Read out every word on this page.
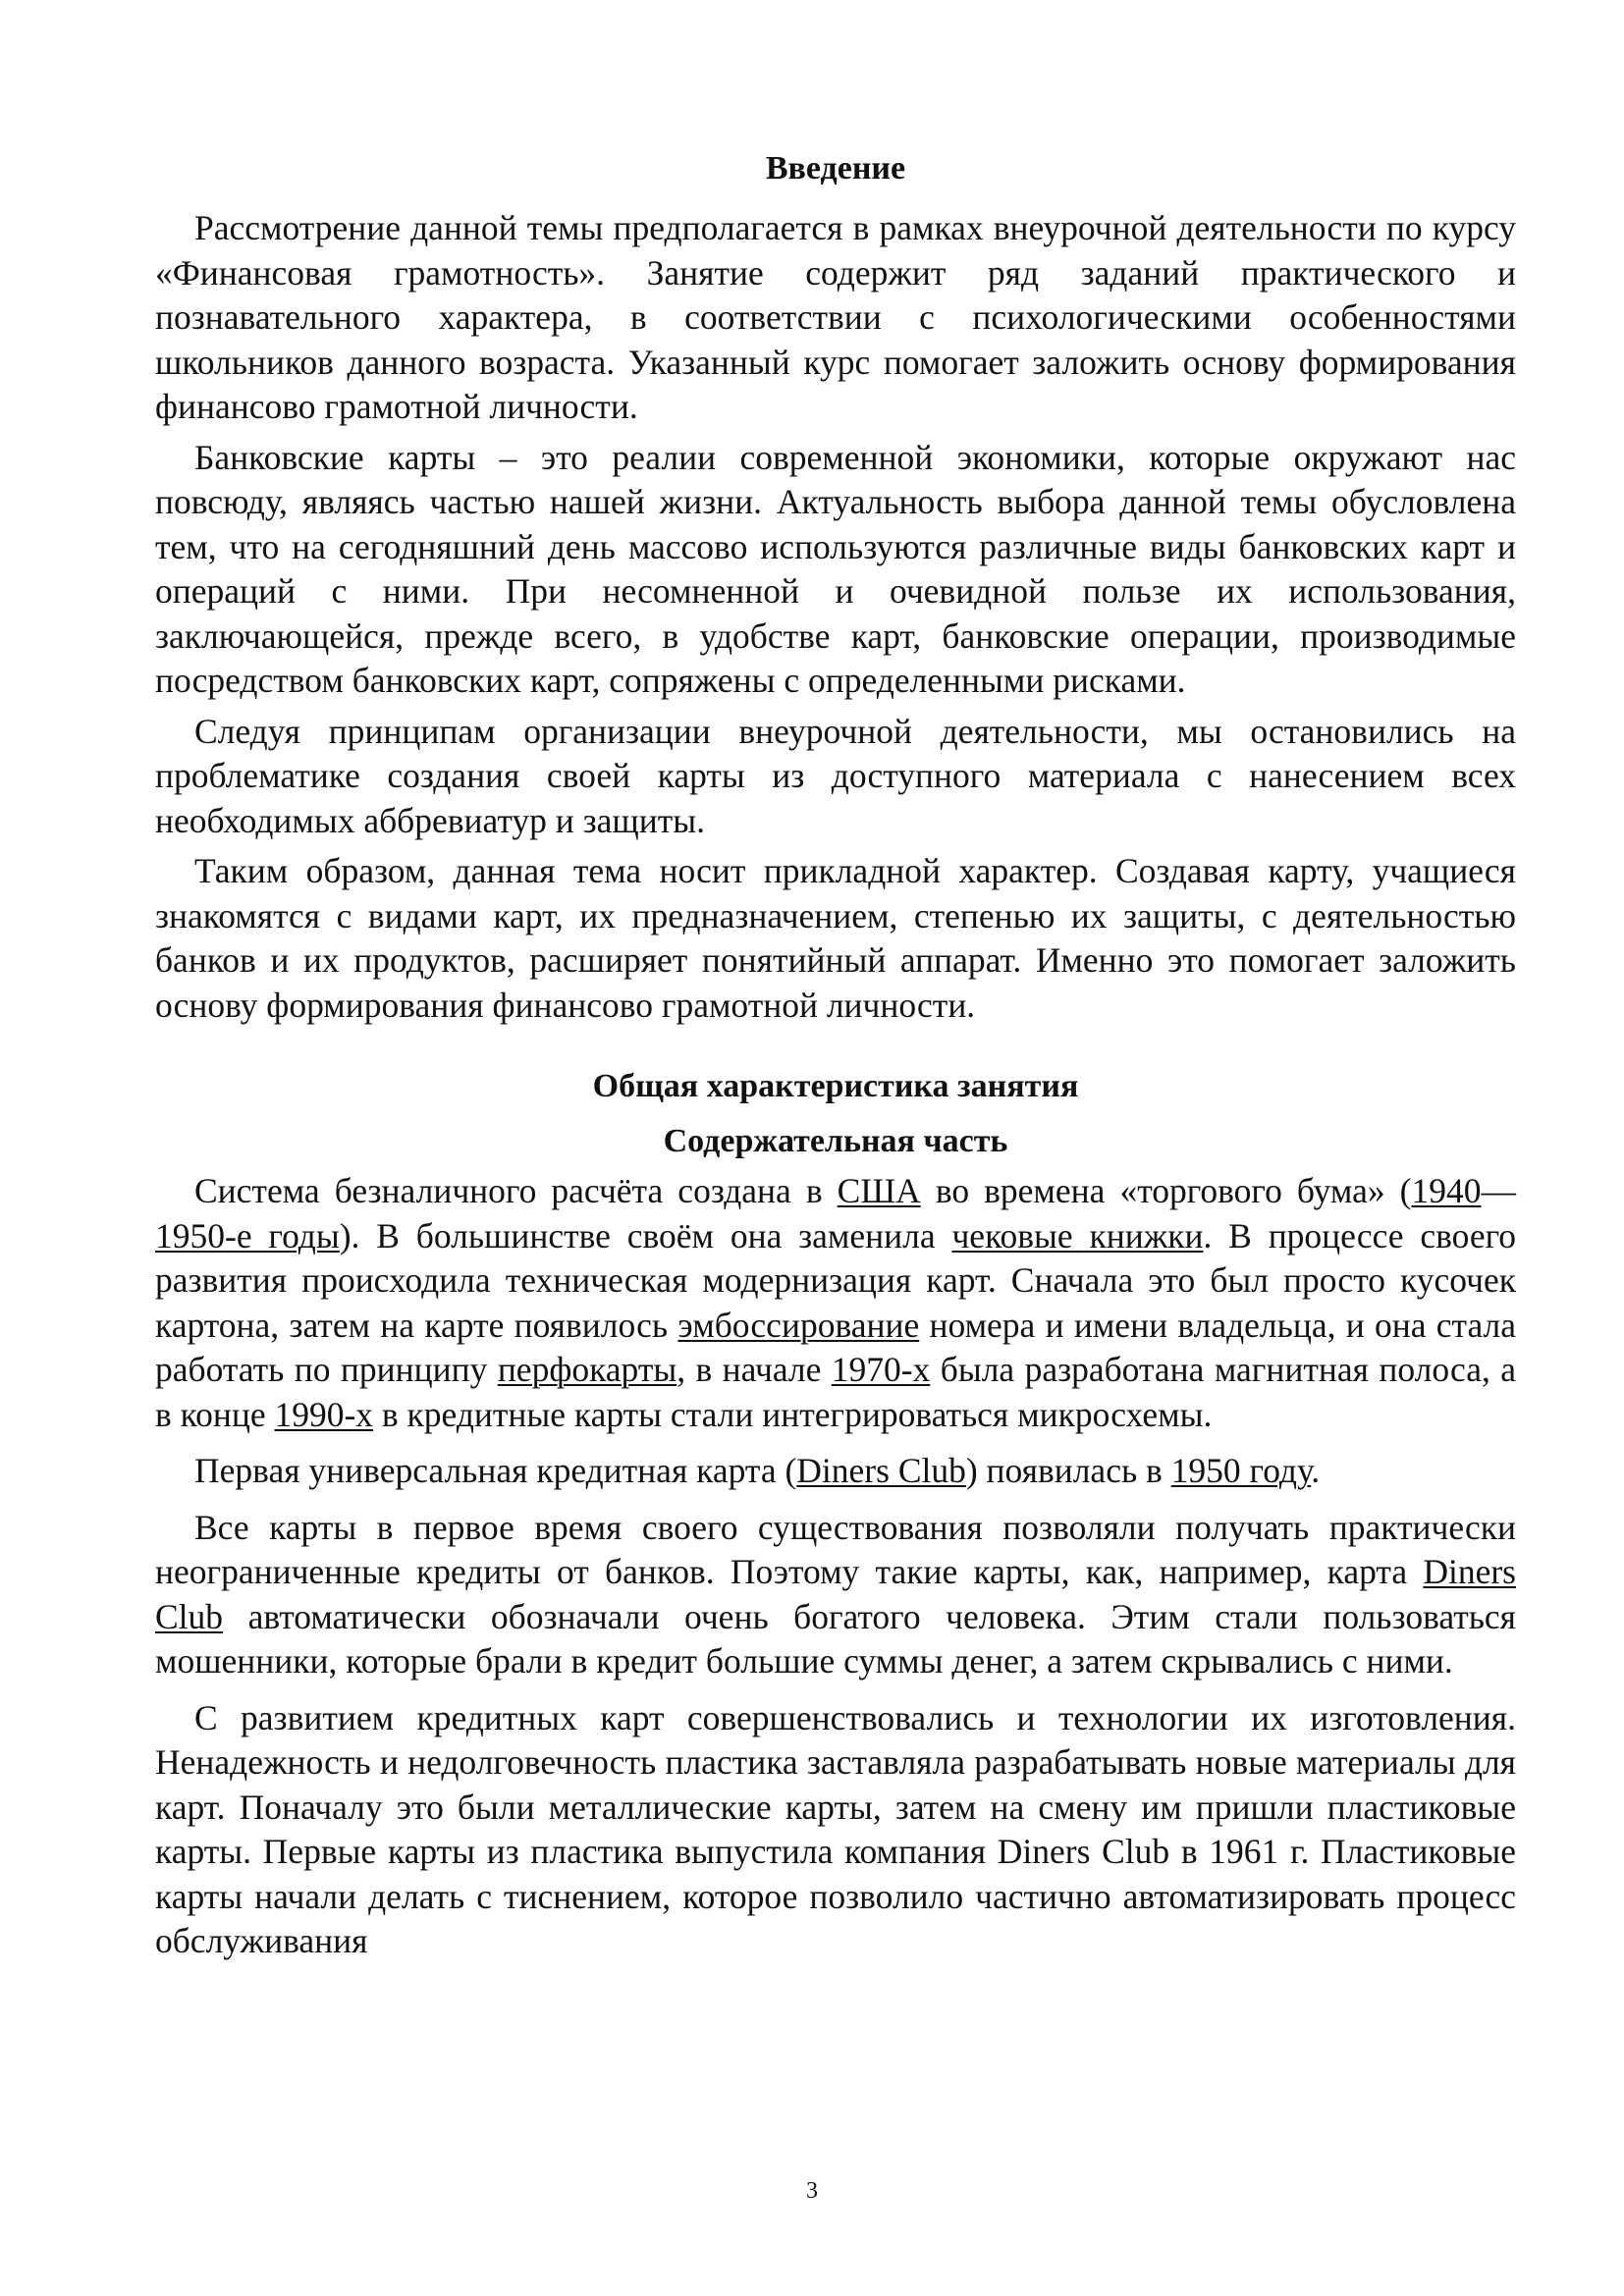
Введение

Рассмотрение данной темы предполагается в рамках внеурочной деятельности по курсу «Финансовая грамотность». Занятие содержит ряд заданий практического и познавательного характера, в соответствии с психологическими особенностями школьников данного возраста. Указанный курс помогает заложить основу формирования финансово грамотной личности.

Банковские карты – это реалии современной экономики, которые окружают нас повсюду, являясь частью нашей жизни. Актуальность выбора данной темы обусловлена тем, что на сегодняшний день массово используются различные виды банковских карт и операций с ними. При несомненной и очевидной пользе их использования, заключающейся, прежде всего, в удобстве карт, банковские операции, производимые посредством банковских карт, сопряжены с определенными рисками.

Следуя принципам организации внеурочной деятельности, мы остановились на проблематике создания своей карты из доступного материала с нанесением всех необходимых аббревиатур и защиты.

Таким образом, данная тема носит прикладной характер. Создавая карту, учащиеся знакомятся с видами карт, их предназначением, степенью их защиты, с деятельностью банков и их продуктов, расширяет понятийный аппарат. Именно это помогает заложить основу формирования финансово грамотной личности.

Общая характеристика занятия
Содержательная часть

Система безналичного расчёта создана в США во времена «торгового бума» (1940—1950-е годы). В большинстве своём она заменила чековые книжки. В процессе своего развития происходила техническая модернизация карт. Сначала это был просто кусочек картона, затем на карте появилось эмбоссирование номера и имени владельца, и она стала работать по принципу перфокарты, в начале 1970-х была разработана магнитная полоса, а в конце 1990-х в кредитные карты стали интегрироваться микросхемы.

Первая универсальная кредитная карта (Diners Club) появилась в 1950 году.

Все карты в первое время своего существования позволяли получать практически неограниченные кредиты от банков. Поэтому такие карты, как, например, карта Diners Club автоматически обозначали очень богатого человека. Этим стали пользоваться мошенники, которые брали в кредит большие суммы денег, а затем скрывались с ними.

С развитием кредитных карт совершенствовались и технологии их изготовления. Ненадежность и недолговечность пластика заставляла разрабатывать новые материалы для карт. Поначалу это были металлические карты, затем на смену им пришли пластиковые карты. Первые карты из пластика выпустила компания Diners Club в 1961 г. Пластиковые карты начали делать с тиснением, которое позволило частично автоматизировать процесс обслуживания

3
